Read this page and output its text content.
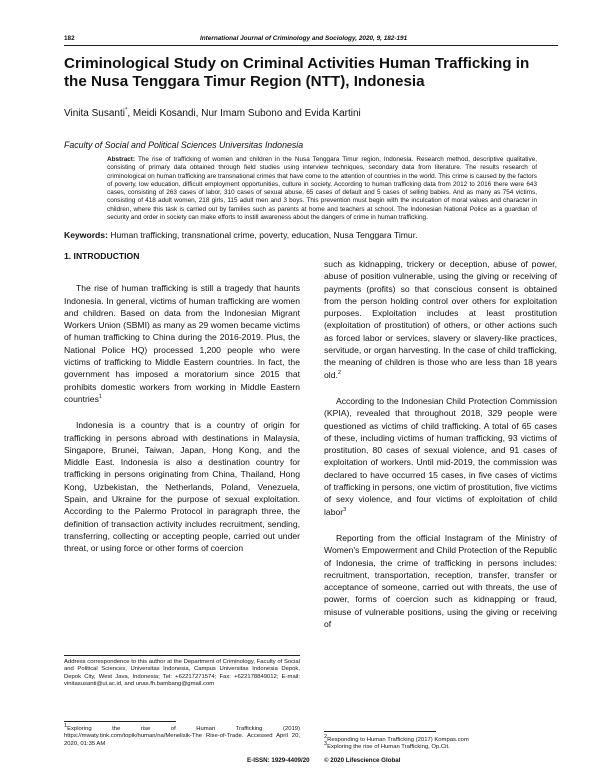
182	International Journal of Criminology and Sociology, 2020, 9, 182-191
Criminological Study on Criminal Activities Human Trafficking in the Nusa Tenggara Timur Region (NTT), Indonesia
Vinita Susanti*, Meidi Kosandi, Nur Imam Subono and Evida Kartini
Faculty of Social and Political Sciences Universitas Indonesia
Abstract: The rise of trafficking of women and children in the Nusa Tenggara Timur region, Indonesia. Research method, descriptive qualitative, consisting of primary data obtained through field studies using interview techniques, secondary data from literature. The results research of criminological on human trafficking are transnational crimes that have come to the attention of countries in the world. This crime is caused by the factors of poverty, low education, difficult employment opportunities, culture in society. According to human trafficking data from 2012 to 2016 there were 643 cases, consisting of 263 cases of labor, 310 cases of sexual abuse, 65 cases of default and 5 cases of selling babies. And as many as 754 victims, consisting of 418 adult women, 218 girls, 115 adult men and 3 boys. This prevention must begin with the inculcation of moral values and character in children, where this task is carried out by families such as parents at home and teachers at school. The Indonesian National Police as a guardian of security and order in society can make efforts to instill awareness about the dangers of crime in human trafficking.
Keywords: Human trafficking, transnational crime, poverty, education, Nusa Tenggara Timur.
1. INTRODUCTION

The rise of human trafficking is still a tragedy that haunts Indonesia. In general, victims of human trafficking are women and children. Based on data from the Indonesian Migrant Workers Union (SBMI) as many as 29 women became victims of human trafficking to China during the 2016-2019. Plus, the National Police HQ) processed 1,200 people who were victims of trafficking to Middle Eastern countries. In fact, the government has imposed a moratorium since 2015 that prohibits domestic workers from working in Middle Eastern countries$^1$

Indonesia is a country that is a country of origin for trafficking in persons abroad with destinations in Malaysia, Singapore, Brunei, Taiwan, Japan, Hong Kong, and the Middle East. Indonesia is also a destination country for trafficking in persons originating from China, Thailand, Hong Kong, Uzbekistan, the Netherlands, Poland, Venezuela, Spain, and Ukraine for the purpose of sexual exploitation. According to the Palermo Protocol in paragraph three, the definition of transaction activity includes recruitment, sending, transferring, collecting or accepting people, carried out under threat, or using force or other forms of coercion

such as kidnapping, trickery or deception, abuse of power, abuse of position vulnerable, using the giving or receiving of payments (profits) so that conscious consent is obtained from the person holding control over others for exploitation purposes. Exploitation includes at least prostitution (exploitation of prostitution) of others, or other actions such as forced labor or services, slavery or slavery-like practices, servitude, or organ harvesting. In the case of child trafficking, the meaning of children is those who are less than 18 years old.$^2$

According to the Indonesian Child Protection Commission (KPIA), revealed that throughout 2018, 329 people were questioned as victims of child trafficking. A total of 65 cases of these, including victims of human trafficking, 93 victims of prostitution, 80 cases of sexual violence, and 91 cases of exploitation of workers. Until mid-2019, the commission was declared to have occurred 15 cases, in five cases of victims of trafficking in persons, one victim of prostitution, five victims of sexy violence, and four victims of exploitation of child labor$^3$

Reporting from the official Instagram of the Ministry of Women's Empowerment and Child Protection of the Republic of Indonesia, the crime of trafficking in persons includes: recruitment, transportation, reception, transfer, transfer or acceptance of someone, carried out with threats, the use of power, forms of coercion such as kidnapping or fraud, misuse of vulnerable positions, using the giving or receiving of

Address correspondence to this author at the Department of Criminology, Faculty of Social and Political Sciences, Universitas Indonesia, Campus Universitas Indonesia Depok, Depok City, West Java, Indonesia; Tel: +62217271574; Fax: +622178849012; E-mail: vinitasusanti@ui.ac.id, and unas.fh.bambang@gmail.com
$^1$Exploring the rise of Human Trafficking (2019) https://mwaty.tink.com/topik/human/na/Menelisik-The Rise-of-Trade. Accessed April 20, 2020, 01:35 AM
$^2$Responding to Human Trafficking (2017) Kompas.com
$^3$Exploring the rise of Human Trafficking, Op.Cit.
E-ISSN: 1929-4409/20 © 2020 Lifescience Global
